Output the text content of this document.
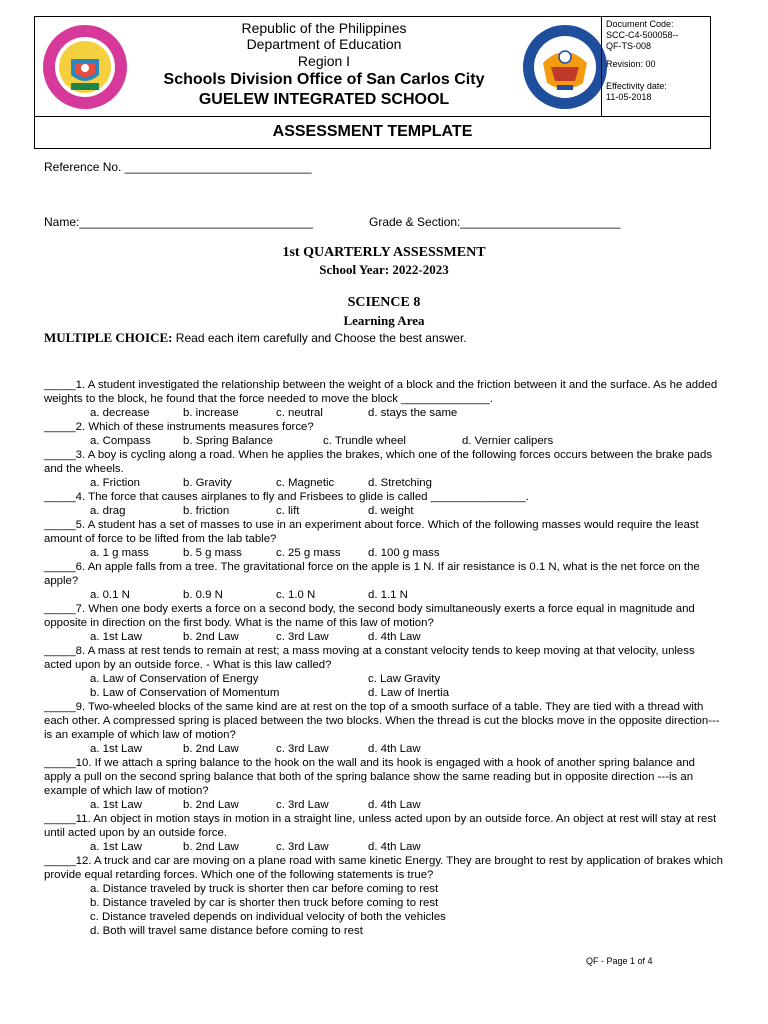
Republic of the Philippines
Department of Education
Region I
Schools Division Office of San Carlos City
GUELEW INTEGRATED SCHOOL
Document Code:
SCC-C4-500058--
QF-TS-008
Revision: 00
Effectivity date:
11-05-2018
ASSESSMENT TEMPLATE
Reference No. ____________________________
Name:___________________________________	Grade & Section:________________________
1st QUARTERLY ASSESSMENT
School Year: 2022-2023
SCIENCE 8
Learning Area
MULTIPLE CHOICE: Read each item carefully and Choose the best answer.
_____1. A student investigated the relationship between the weight of a block and the friction between it and the surface. As he added weights to the block, he found that the force needed to move the block ______________.
a. decrease	b. increase	c. neutral	d. stays the same
_____2. Which of these instruments measures force?
a. Compass	b. Spring Balance	c. Trundle wheel	d. Vernier calipers
_____3. A boy is cycling along a road. When he applies the brakes, which one of the following forces occurs between the brake pads and the wheels.
a. Friction	b. Gravity	c. Magnetic	d. Stretching
_____4. The force that causes airplanes to fly and Frisbees to glide is called _______________.
a. drag	b. friction	c. lift	d. weight
_____5. A student has a set of masses to use in an experiment about force. Which of the following masses would require the least amount of force to be lifted from the lab table?
a. 1 g mass	b. 5 g mass	c. 25 g mass d. 100 g mass
_____6. An apple falls from a tree. The gravitational force on the apple is 1 N. If air resistance is 0.1 N, what is the net force on the apple?
a. 0.1 N	b. 0.9 N	c. 1.0 N	d. 1.1 N
_____7. When one body exerts a force on a second body, the second body simultaneously exerts a force equal in magnitude and opposite in direction on the first body. What is the name of this law of motion?
a. 1st Law	b. 2nd Law	c. 3rd Law	d. 4th Law
_____8. A mass at rest tends to remain at rest; a mass moving at a constant velocity tends to keep moving at that velocity, unless acted upon by an outside force. - What is this law called?
a. Law of Conservation of Energy	c. Law Gravity
b. Law of Conservation of Momentum	d. Law of Inertia
_____9. Two-wheeled blocks of the same kind are at rest on the top of a smooth surface of a table. They are tied with a thread with each other. A compressed spring is placed between the two blocks. When the thread is cut the blocks move in the opposite direction---is an example of which law of motion?
a. 1st Law	b. 2nd Law	c. 3rd Law	d. 4th Law
_____10. If we attach a spring balance to the hook on the wall and its hook is engaged with a hook of another spring balance and apply a pull on the second spring balance that both of the spring balance show the same reading but in opposite direction ---is an example of which law of motion?
a. 1st Law	b. 2nd Law	c. 3rd Law	d. 4th Law
_____11. An object in motion stays in motion in a straight line, unless acted upon by an outside force. An object at rest will stay at rest until acted upon by an outside force.
a. 1st Law	b. 2nd Law	c. 3rd Law	d. 4th Law
_____12. A truck and car are moving on a plane road with same kinetic Energy. They are brought to rest by application of brakes which provide equal retarding forces. Which one of the following statements is true?
a. Distance traveled by truck is shorter then car before coming to rest
b. Distance traveled by car is shorter then truck before coming to rest
c. Distance traveled depends on individual velocity of both the vehicles
d. Both will travel same distance before coming to rest
QF - Page 1 of 4
